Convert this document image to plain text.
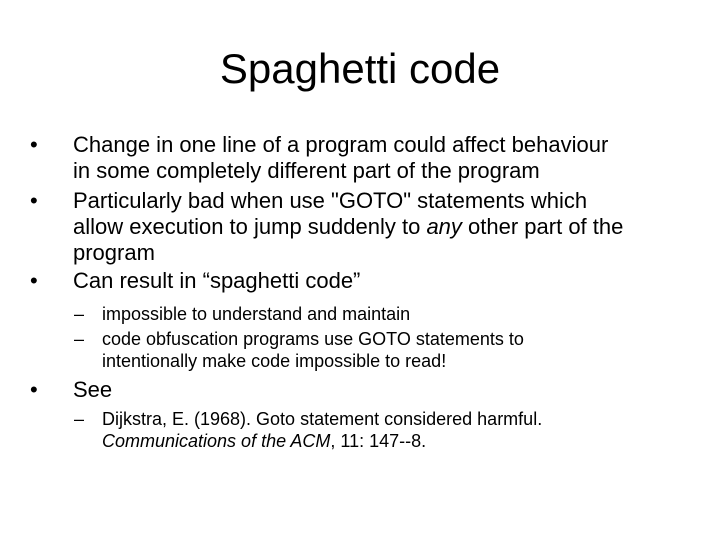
Spaghetti code
• Change in one line of a program could affect behaviour
in some completely different part of the program
• Particularly bad when use "GOTO" statements which
allow execution to jump suddenly to any other part of the
program
• Can result in “spaghetti code”
– impossible to understand and maintain
– code obfuscation programs use GOTO statements to
intentionally make code impossible to read!
• See
– Dijkstra, E. (1968). Goto statement considered harmful.
Communications of the ACM, 11: 147--8.
